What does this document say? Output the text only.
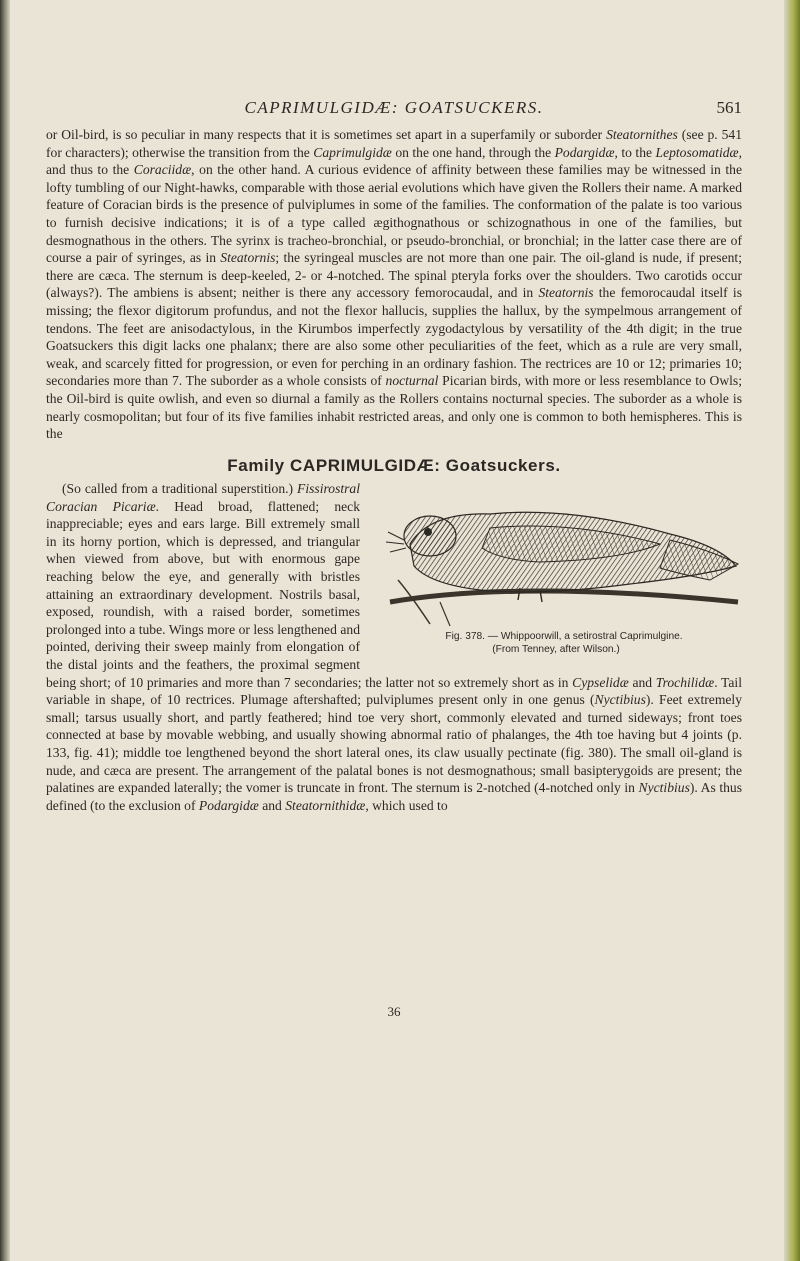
CAPRIMULGIDÆ: GOATSUCKERS.	561

or Oil-bird, is so peculiar in many respects that it is sometimes set apart in a superfamily or suborder Steatornithes (see p. 541 for characters); otherwise the transition from the Caprimulgidæ on the one hand, through the Podargidæ, to the Leptosomatidæ, and thus to the Coraciidæ, on the other hand. A curious evidence of affinity between these families may be witnessed in the lofty tumbling of our Night-hawks, comparable with those aerial evolutions which have given the Rollers their name. A marked feature of Coracian birds is the presence of pulviplumes in some of the families. The conformation of the palate is too various to furnish decisive indications; it is of a type called ægithognathous or schizognathous in one of the families, but desmognathous in the others. The syrinx is tracheo-bronchial, or pseudo-bronchial, or bronchial; in the latter case there are of course a pair of syringes, as in Steatornis; the syringeal muscles are not more than one pair. The oil-gland is nude, if present; there are cæca. The sternum is deep-keeled, 2- or 4-notched. The spinal pteryla forks over the shoulders. Two carotids occur (always?). The ambiens is absent; neither is there any accessory femorocaudal, and in Steatornis the femorocaudal itself is missing; the flexor digitorum profundus, and not the flexor hallucis, supplies the hallux, by the sympelmous arrangement of tendons. The feet are anisodactylous, in the Kirumbos imperfectly zygodactylous by versatility of the 4th digit; in the true Goatsuckers this digit lacks one phalanx; there are also some other peculiarities of the feet, which as a rule are very small, weak, and scarcely fitted for progression, or even for perching in an ordinary fashion. The rectrices are 10 or 12; primaries 10; secondaries more than 7. The suborder as a whole consists of nocturnal Picarian birds, with more or less resemblance to Owls; the Oil-bird is quite owlish, and even so diurnal a family as the Rollers contains nocturnal species. The suborder as a whole is nearly cosmopolitan; but four of its five families inhabit restricted areas, and only one is common to both hemispheres. This is the

Family CAPRIMULGIDÆ: Goatsuckers.

Fig. 378. — Whippoorwill, a setirostral Caprimulgine.
(From Tenney, after Wilson.)
(So called from a traditional superstition.) Fissirostral Coracian Picariæ. Head broad, flattened; neck inappreciable; eyes and ears large. Bill extremely small in its horny portion, which is depressed, and triangular when viewed from above, but with enormous gape reaching below the eye, and generally with bristles attaining an extraordinary development. Nostrils basal, exposed, roundish, with a raised border, sometimes prolonged into a tube. Wings more or less lengthened and pointed, deriving their sweep mainly from elongation of the distal joints and the feathers, the proximal segment being short; of 10 primaries and more than 7 secondaries; the latter not so extremely short as in Cypselidæ and Trochilidæ. Tail variable in shape, of 10 rectrices. Plumage aftershafted; pulviplumes present only in one genus (Nyctibius). Feet extremely small; tarsus usually short, and partly feathered; hind toe very short, commonly elevated and turned sideways; front toes connected at base by movable webbing, and usually showing abnormal ratio of phalanges, the 4th toe having but 4 joints (p. 133, fig. 41); middle toe lengthened beyond the short lateral ones, its claw usually pectinate (fig. 380). The small oil-gland is nude, and cæca are present. The arrangement of the palatal bones is not desmognathous; small basipterygoids are present; the palatines are expanded laterally; the vomer is truncate in front. The sternum is 2-notched (4-notched only in Nyctibius). As thus defined (to the exclusion of Podargidæ and Steatornithidæ, which used to

36
